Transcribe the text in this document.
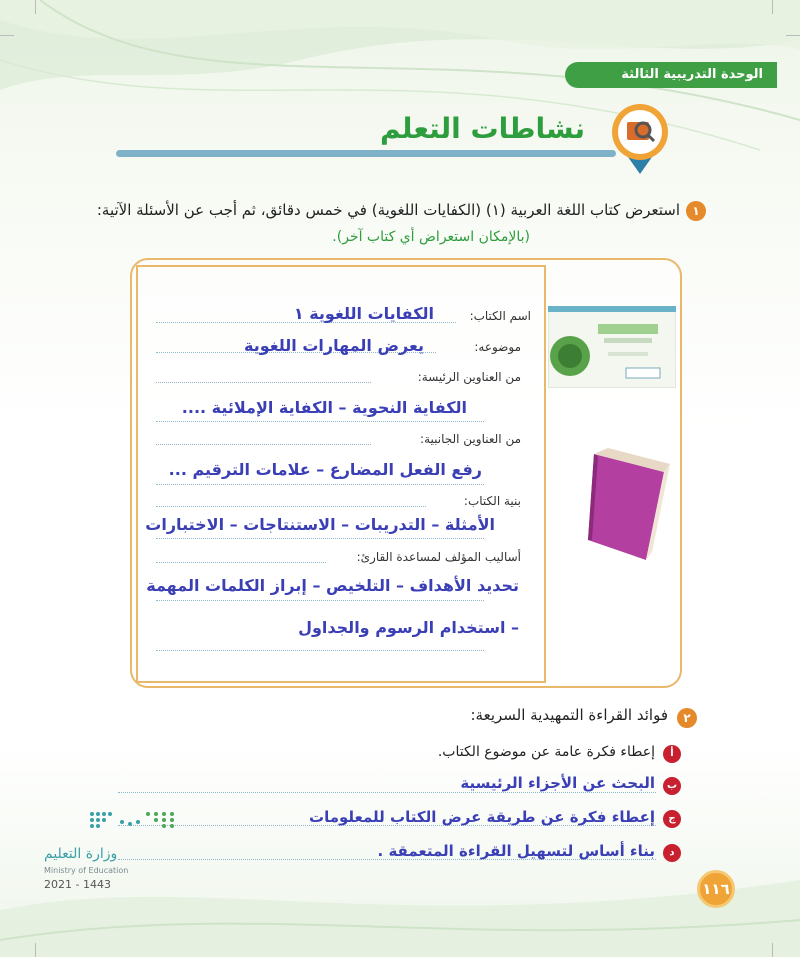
الوحدة التدريبية الثالثة
نشاطات التعلم
١
استعرض كتاب اللغة العربية (١) (الكفايات اللغوية) في خمس دقائق، ثم أجب عن الأسئلة الآتية:
(بالإمكان استعراض أي كتاب آخر).
اسم الكتاب:
الكفايات اللغوية ١
موضوعه:
يعرض المهارات اللغوية
من العناوين الرئيسة:
الكفاية النحوية – الكفاية الإملائية ....
من العناوين الجانبية:
رفع الفعل المضارع – علامات الترقيم ...
بنية الكتاب:
الأمثلة – التدريبات – الاستنتاجات – الاختبارات
أساليب المؤلف لمساعدة القارئ:
تحديد الأهداف – التلخيص – إبراز الكلمات المهمة
– استخدام الرسوم والجداول
٢
فوائد القراءة التمهيدية السريعة:
أ
إعطاء فكرة عامة عن موضوع الكتاب.
ب
البحث عن الأجزاء الرئيسية
ج
إعطاء فكرة عن طريقة عرض الكتاب للمعلومات
د
بناء أساس لتسهيل القراءة المتعمقة .
وزارة التعليم
Ministry of Education
2021 - 1443	١١٦
